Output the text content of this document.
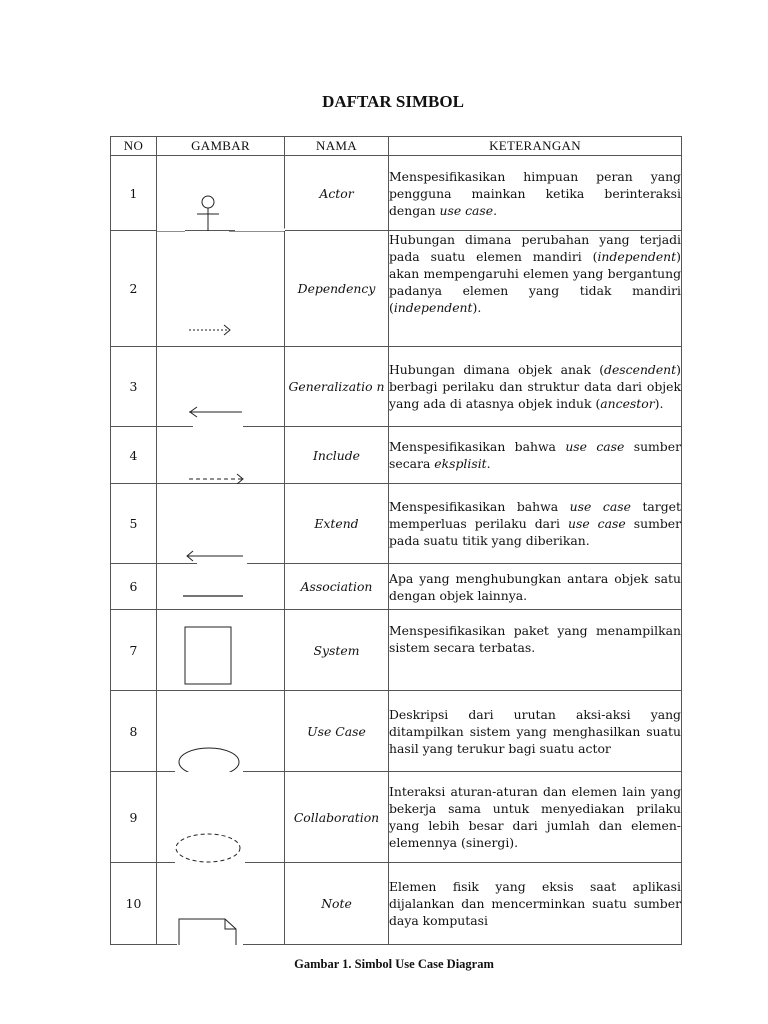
DAFTAR SIMBOL
NO	GAMBAR	NAMA	KETERANGAN
1		Actor	Menspesifikasikan himpuan peran yang pengguna mainkan ketika berinteraksi dengan use case.
2		Dependency	Hubungan dimana perubahan yang terjadi pada suatu elemen mandiri (independent) akan mempengaruhi elemen yang bergantung padanya elemen yang tidak mandiri (independent).
3		Generalizatio n	Hubungan dimana objek anak (descendent) berbagi perilaku dan struktur data dari objek yang ada di atasnya objek induk (ancestor).
4		Include	Menspesifikasikan bahwa use case sumber secara eksplisit.
5		Extend	Menspesifikasikan bahwa use case target memperluas perilaku dari use case sumber pada suatu titik yang diberikan.
6		Association	Apa yang menghubungkan antara objek satu dengan objek lainnya.
7		System	Menspesifikasikan paket yang menampilkan sistem secara terbatas.
8		Use Case	Deskripsi dari urutan aksi-aksi yang ditampilkan sistem yang menghasilkan suatu hasil yang terukur bagi suatu actor
9		Collaboration	Interaksi aturan-aturan dan elemen lain yang bekerja sama untuk menyediakan prilaku yang lebih besar dari jumlah dan elemen-elemennya (sinergi).
10		Note	Elemen fisik yang eksis saat aplikasi dijalankan dan mencerminkan suatu sumber daya komputasi
Gambar 1. Simbol Use Case Diagram
